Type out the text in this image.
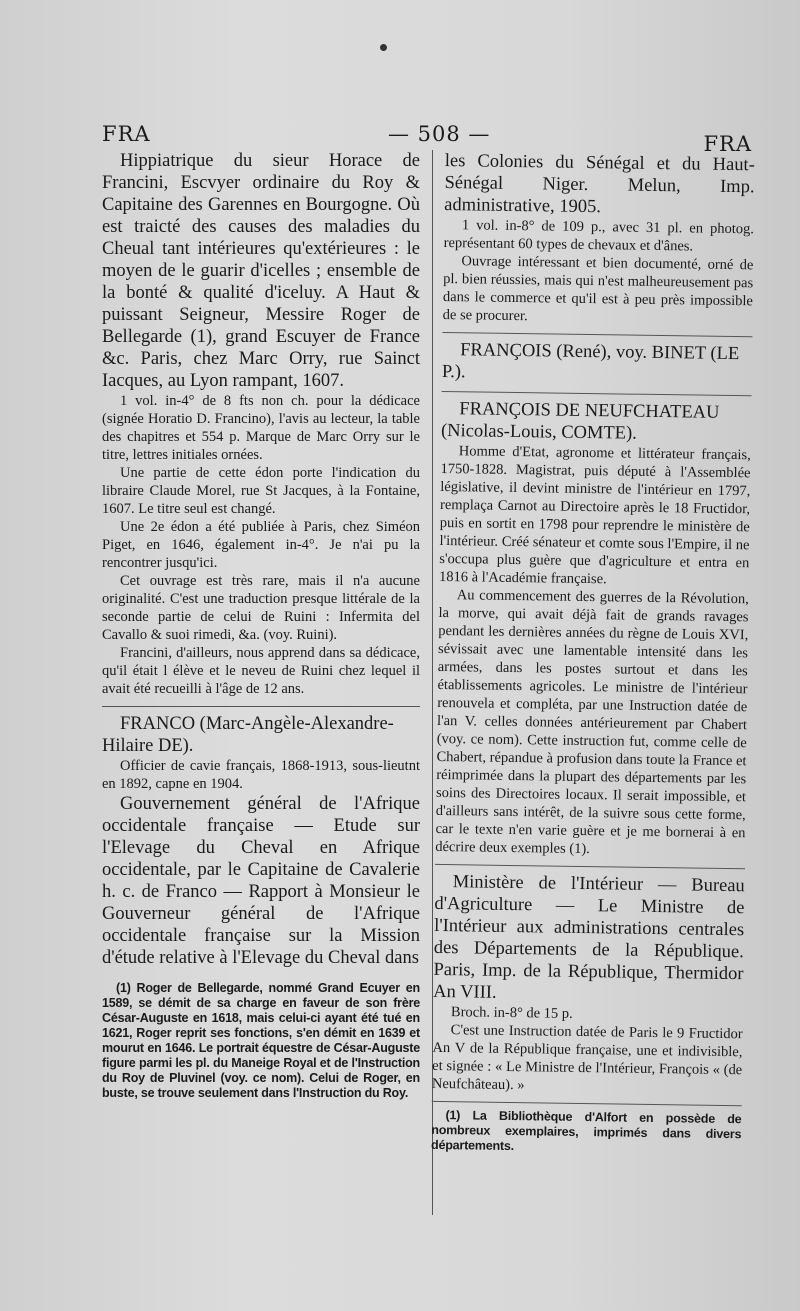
FRA	— 508 —	FRA

Hippiatrique du sieur Horace de Francini, Escvyer ordinaire du Roy & Capitaine des Garennes en Bourgogne. Où est traicté des causes des maladies du Cheual tant intérieures qu'extérieures : le moyen de le guarir d'icelles ; ensemble de la bonté & qualité d'iceluy. A Haut & puissant Seigneur, Messire Roger de Bellegarde (1), grand Escuyer de France &c. Paris, chez Marc Orry, rue Sainct Iacques, au Lyon rampant, 1607.

1 vol. in-4° de 8 fts non ch. pour la dédicace (signée Horatio D. Francino), l'avis au lecteur, la table des chapitres et 554 p. Marque de Marc Orry sur le titre, lettres initiales ornées.

Une partie de cette édon porte l'indication du libraire Claude Morel, rue St Jacques, à la Fontaine, 1607. Le titre seul est changé.

Une 2e édon a été publiée à Paris, chez Siméon Piget, en 1646, également in-4°. Je n'ai pu la rencontrer jusqu'ici.

Cet ouvrage est très rare, mais il n'a aucune originalité. C'est une traduction presque littérale de la seconde partie de celui de Ruini : Infermita del Cavallo & suoi rimedi, &a. (voy. Ruini).

Francini, d'ailleurs, nous apprend dans sa dédicace, qu'il était l élève et le neveu de Ruini chez lequel il avait été recueilli à l'âge de 12 ans.

FRANCO (Marc-Angèle-Alexandre-Hilaire DE).

Officier de cavie français, 1868-1913, sous-lieutnt en 1892, capne en 1904.

Gouvernement général de l'Afrique occidentale française — Etude sur l'Elevage du Cheval en Afrique occidentale, par le Capitaine de Cavalerie h. c. de Franco — Rapport à Monsieur le Gouverneur général de l'Afrique occidentale française sur la Mission d'étude relative à l'Elevage du Cheval dans

(1) Roger de Bellegarde, nommé Grand Ecuyer en 1589, se démit de sa charge en faveur de son frère César-Auguste en 1618, mais celui-ci ayant été tué en 1621, Roger reprit ses fonctions, s'en démit en 1639 et mourut en 1646. Le portrait équestre de César-Auguste figure parmi les pl. du Maneige Royal et de l'Instruction du Roy de Pluvinel (voy. ce nom). Celui de Roger, en buste, se trouve seulement dans l'Instruction du Roy.

les Colonies du Sénégal et du Haut-Sénégal Niger. Melun, Imp. administrative, 1905.

1 vol. in-8° de 109 p., avec 31 pl. en photog. représentant 60 types de chevaux et d'ânes.

Ouvrage intéressant et bien documenté, orné de pl. bien réussies, mais qui n'est malheureusement pas dans le commerce et qu'il est à peu près impossible de se procurer.

FRANÇOIS (René), voy. BINET (LE P.).

FRANÇOIS DE NEUFCHATEAU (Nicolas-Louis, COMTE).

Homme d'Etat, agronome et littérateur français, 1750-1828. Magistrat, puis député à l'Assemblée législative, il devint ministre de l'intérieur en 1797, remplaça Carnot au Directoire après le 18 Fructidor, puis en sortit en 1798 pour reprendre le ministère de l'intérieur. Créé sénateur et comte sous l'Empire, il ne s'occupa plus guère que d'agriculture et entra en 1816 à l'Académie française.

Au commencement des guerres de la Révolution, la morve, qui avait déjà fait de grands ravages pendant les dernières années du règne de Louis XVI, sévissait avec une lamentable intensité dans les armées, dans les postes surtout et dans les établissements agricoles. Le ministre de l'intérieur renouvela et compléta, par une Instruction datée de l'an V. celles données antérieurement par Chabert (voy. ce nom). Cette instruction fut, comme celle de Chabert, répandue à profusion dans toute la France et réimprimée dans la plupart des départements par les soins des Directoires locaux. Il serait impossible, et d'ailleurs sans intérêt, de la suivre sous cette forme, car le texte n'en varie guère et je me bornerai à en décrire deux exemples (1).

Ministère de l'Intérieur — Bureau d'Agriculture — Le Ministre de l'Intérieur aux administrations centrales des Départements de la République. Paris, Imp. de la République, Thermidor An VIII.

Broch. in-8° de 15 p.

C'est une Instruction datée de Paris le 9 Fructidor An V de la République française, une et indivisible, et signée : « Le Ministre de l'Intérieur, François « (de Neufchâteau). »

(1) La Bibliothèque d'Alfort en possède de nombreux exemplaires, imprimés dans divers départements.
